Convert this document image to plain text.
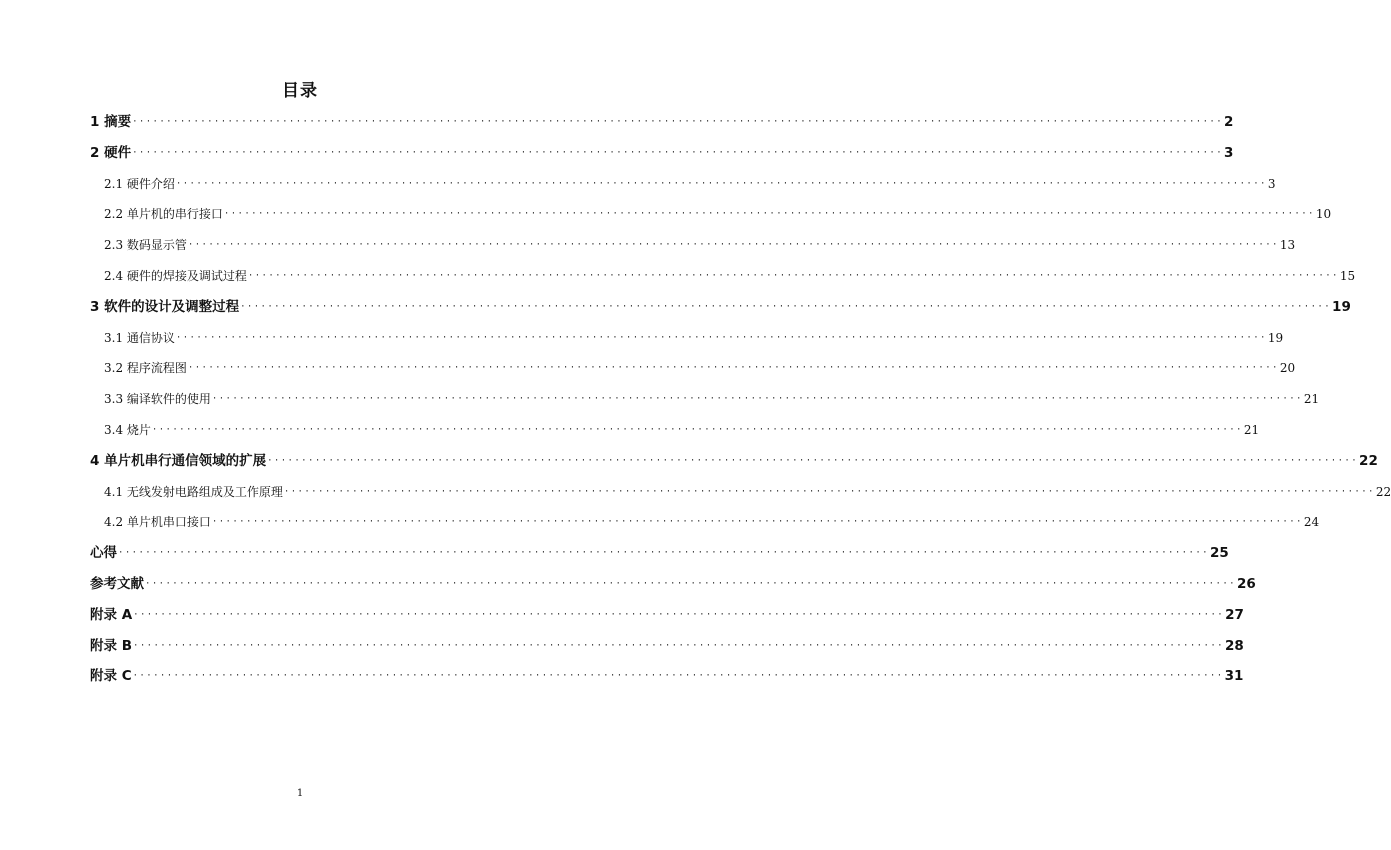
目录
1 摘要 ································································································································································ 2
2 硬件 ································································································································································ 3
2.1 硬件介绍 ································································································································································ 3
2.2 单片机的串行接口 ································································································································································ 10
2.3 数码显示管 ································································································································································ 13
2.4 硬件的焊接及调试过程 ································································································································································ 15
3 软件的设计及调整过程 ································································································································································ 19
3.1 通信协议 ································································································································································ 19
3.2 程序流程图 ································································································································································ 20
3.3 编译软件的使用 ································································································································································ 21
3.4 烧片 ································································································································································ 21
4 单片机串行通信领域的扩展 ································································································································································ 22
4.1 无线发射电路组成及工作原理 ································································································································································ 22
4.2 单片机串口接口 ································································································································································ 24
心得 ································································································································································ 25
参考文献 ································································································································································ 26
附录 A ································································································································································ 27
附录 B ································································································································································ 28
附录 C ································································································································································ 31
1
